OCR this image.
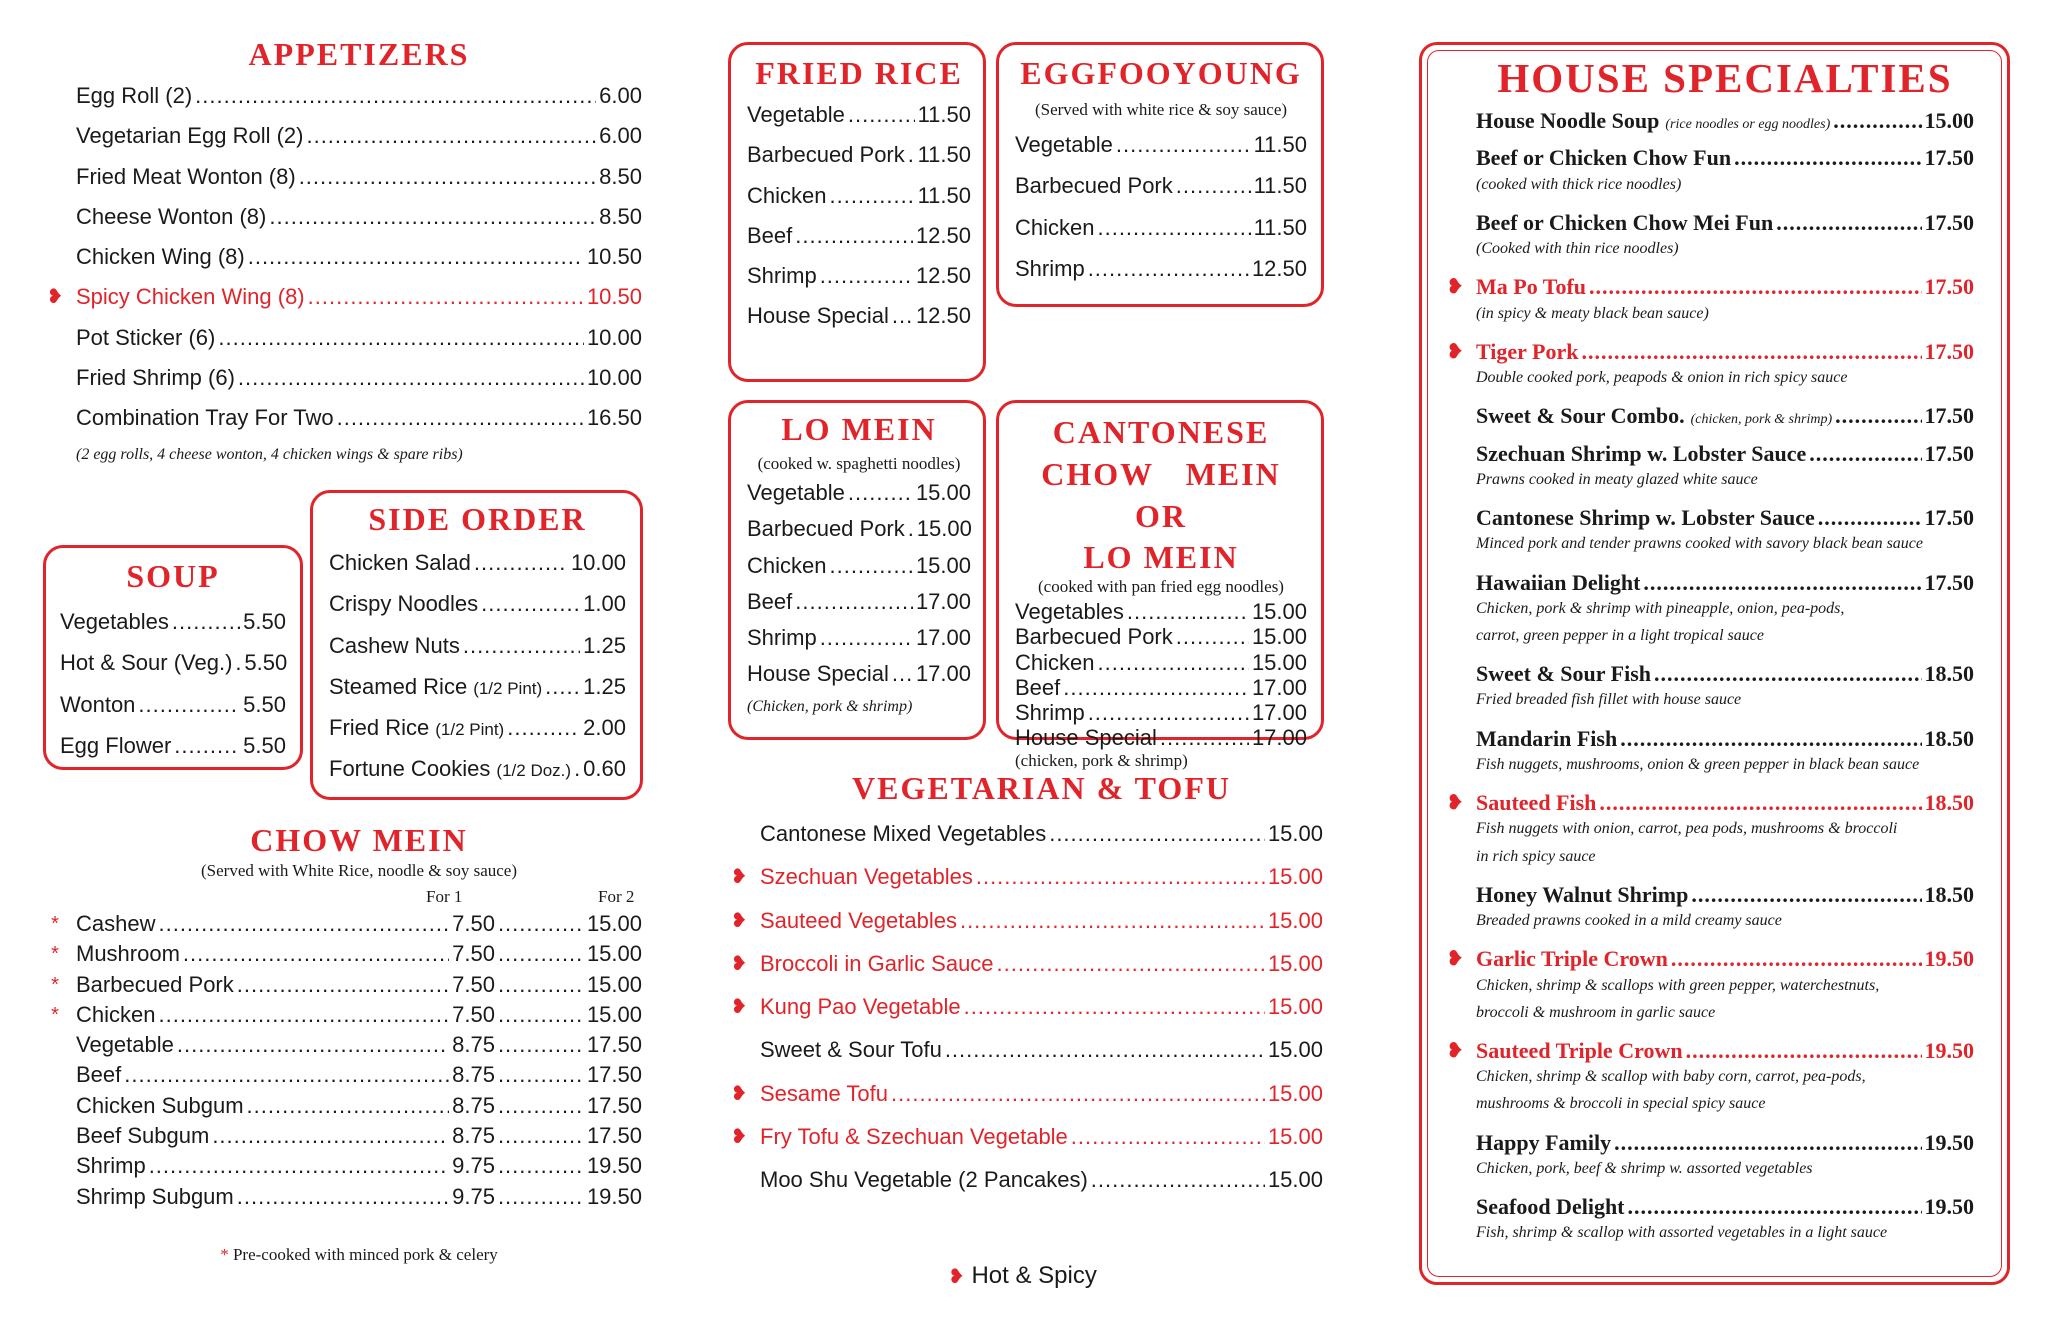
APPETIZERS
Egg Roll (2) .....	6.00
Vegetarian Egg Roll (2) .....	6.00
Fried Meat Wonton (8) .....	8.50
Cheese Wonton (8) .....	8.50
Chicken Wing (8) .....	10.50
❥ Spicy Chicken Wing (8) .....	10.50
Pot Sticker (6) .....	10.00
Fried Shrimp (6) .....	10.00
Combination Tray For Two .....	16.50
(2 egg rolls, 4 cheese wonton, 4 chicken wings & spare ribs)
SOUP
Vegetables .....	5.50
Hot & Sour (Veg.) ..... 5.50
Wonton .....	5.50
Egg Flower .....	5.50
SIDE ORDER
Chicken Salad .....	10.00
Crispy Noodles .....	1.00
Cashew Nuts .....	1.25
Steamed Rice (1/2 Pint) ..... 1.25
Fried Rice (1/2 Pint) .....	2.00
Fortune Cookies (1/2 Doz.) ..... 0.60
CHOW MEIN
(Served with White Rice, noodle & soy sauce)
For 1	For 2
* Cashew .....	7.50 .....	15.00
* Mushroom .....	7.50 .....	15.00
* Barbecued Pork .....	7.50 .....	15.00
* Chicken .....	7.50 .....	15.00
Vegetable .....	8.75 .....	17.50
Beef .....	8.75 .....	17.50
Chicken Subgum .....	8.75 .....	17.50
Beef Subgum .....	8.75 .....	17.50
Shrimp .....	9.75 .....	19.50
Shrimp Subgum .....	9.75 .....	19.50
* Pre-cooked with minced pork & celery
FRIED RICE
Vegetable .....	11.50
Barbecued Pork ..... 11.50
Chicken .....	11.50
Beef .....	12.50
Shrimp .....	12.50
House Special ..... 12.50
EGGFOOYOUNG
(Served with white rice & soy sauce)
Vegetable .....	11.50
Barbecued Pork .....	11.50
Chicken .....	11.50
Shrimp .....	12.50
LO MEIN
(cooked w. spaghetti noodles)
Vegetable .....	15.00
Barbecued Pork ..... 15.00
Chicken .....	15.00
Beef .....	17.00
Shrimp .....	17.00
House Special ..... 17.00
(Chicken, pork & shrimp)
CANTONESE
CHOW MEIN OR
LO MEIN
(cooked with pan fried egg noodles)
Vegetables .....	15.00
Barbecued Pork .....	15.00
Chicken .....	15.00
Beef .....	17.00
Shrimp .....	17.00
House Special .....	17.00
(chicken, pork & shrimp)
VEGETARIAN & TOFU
Cantonese Mixed Vegetables .....	15.00
❥ Szechuan Vegetables .....	15.00
❥ Sauteed Vegetables .....	15.00
❥ Broccoli in Garlic Sauce .....	15.00
❥ Kung Pao Vegetable .....	15.00
Sweet & Sour Tofu .....	15.00
❥ Sesame Tofu .....	15.00
❥ Fry Tofu & Szechuan Vegetable .....	15.00
Moo Shu Vegetable (2 Pancakes) .....	15.00
❥ Hot & Spicy
HOUSE SPECIALTIES
House Noodle Soup (rice noodles or egg noodles) .....	15.00
Beef or Chicken Chow Fun .....	17.50
(cooked with thick rice noodles)
Beef or Chicken Chow Mei Fun .....	17.50
(Cooked with thin rice noodles)
❥ Ma Po Tofu .....	17.50
(in spicy & meaty black bean sauce)
❥ Tiger Pork .....	17.50
Double cooked pork, peapods & onion in rich spicy sauce
Sweet & Sour Combo. (chicken, pork & shrimp) .....	17.50
Szechuan Shrimp w. Lobster Sauce .....	17.50
Prawns cooked in meaty glazed white sauce
Cantonese Shrimp w. Lobster Sauce .....	17.50
Minced pork and tender prawns cooked with savory black bean sauce
Hawaiian Delight .....	17.50
Chicken, pork & shrimp with pineapple, onion, pea-pods,
carrot, green pepper in a light tropical sauce
Sweet & Sour Fish .....	18.50
Fried breaded fish fillet with house sauce
Mandarin Fish .....	18.50
Fish nuggets, mushrooms, onion & green pepper in black bean sauce
❥ Sauteed Fish .....	18.50
Fish nuggets with onion, carrot, pea pods, mushrooms & broccoli
in rich spicy sauce
Honey Walnut Shrimp .....	18.50
Breaded prawns cooked in a mild creamy sauce
❥ Garlic Triple Crown .....	19.50
Chicken, shrimp & scallops with green pepper, waterchestnuts,
broccoli & mushroom in garlic sauce
❥ Sauteed Triple Crown .....	19.50
Chicken, shrimp & scallop with baby corn, carrot, pea-pods,
mushrooms & broccoli in special spicy sauce
Happy Family .....	19.50
Chicken, pork, beef & shrimp w. assorted vegetables
Seafood Delight .....	19.50
Fish, shrimp & scallop with assorted vegetables in a light sauce
